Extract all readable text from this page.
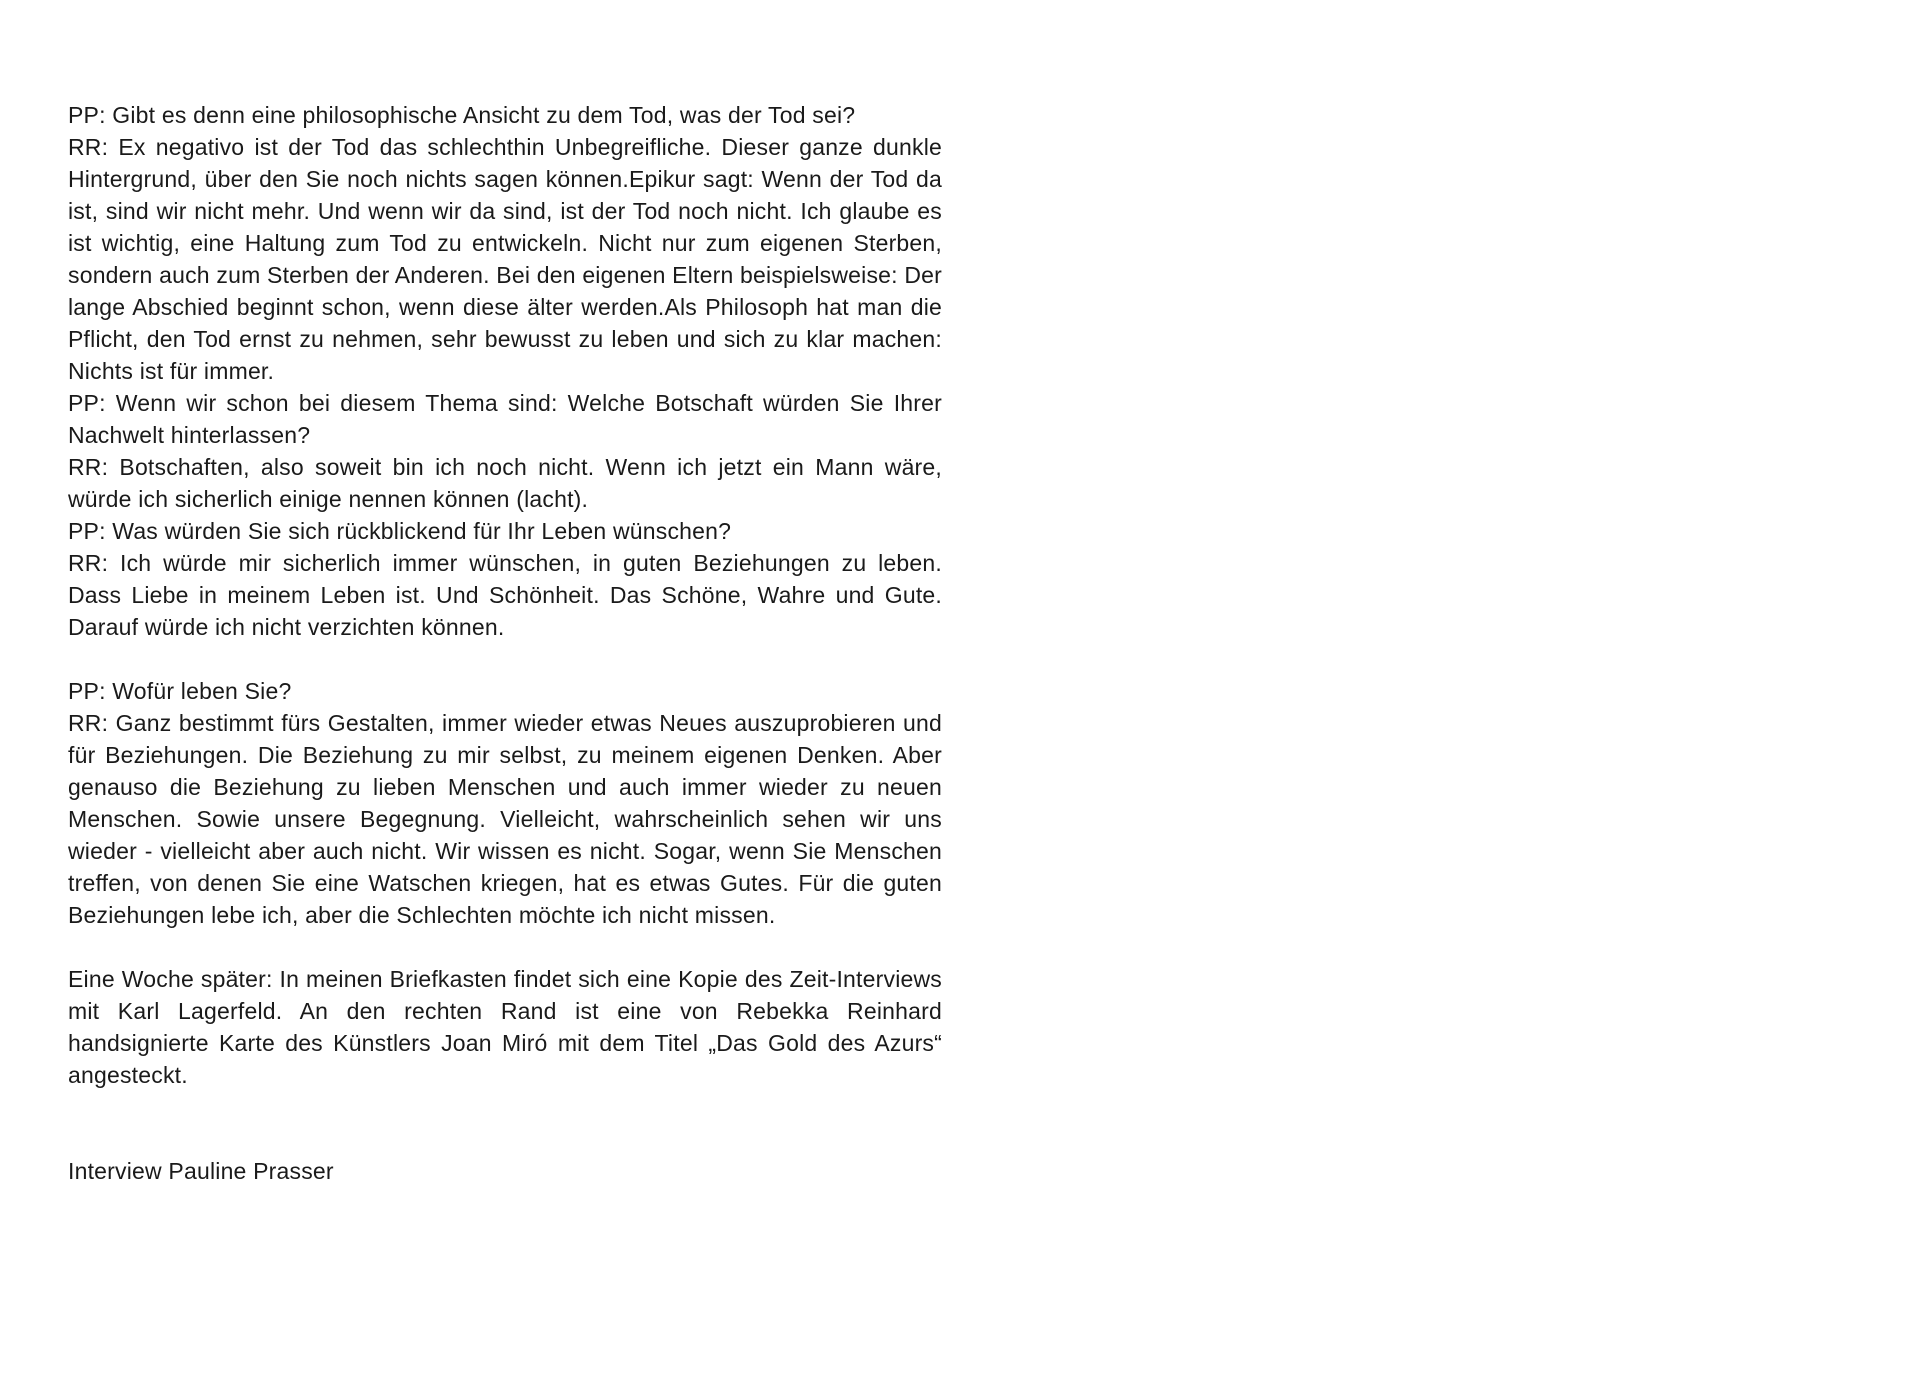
PP: Gibt es denn eine philosophische Ansicht zu dem Tod, was der Tod sei?

RR: Ex negativo ist der Tod das schlechthin Unbegreifliche. Dieser ganze dunkle Hintergrund, über den Sie noch nichts sagen können.Epikur sagt: Wenn der Tod da ist, sind wir nicht mehr. Und wenn wir da sind, ist der Tod noch nicht. Ich glaube es ist wichtig, eine Haltung zum Tod zu entwickeln. Nicht nur zum eigenen Sterben, sondern auch zum Sterben der Anderen. Bei den eigenen Eltern beispielsweise: Der lange Abschied beginnt schon, wenn diese älter werden.Als Philosoph hat man die Pflicht, den Tod ernst zu nehmen, sehr bewusst zu leben und sich zu klar machen: Nichts ist für immer.

PP: Wenn wir schon bei diesem Thema sind: Welche Botschaft würden Sie Ihrer Nachwelt hinterlassen?

RR: Botschaften, also soweit bin ich noch nicht. Wenn ich jetzt ein Mann wäre, würde ich sicherlich einige nennen können (lacht).

PP: Was würden Sie sich rückblickend für Ihr Leben wünschen?

RR: Ich würde mir sicherlich immer wünschen, in guten Beziehungen zu leben. Dass Liebe in meinem Leben ist. Und Schönheit. Das Schöne, Wahre und Gute. Darauf würde ich nicht verzichten können.

PP: Wofür leben Sie?

RR: Ganz bestimmt fürs Gestalten, immer wieder etwas Neues auszuprobieren und für Beziehungen. Die Beziehung zu mir selbst, zu meinem eigenen Denken. Aber genauso die Beziehung zu lieben Menschen und auch immer wieder zu neuen Menschen. Sowie unsere Begegnung. Vielleicht, wahrscheinlich sehen wir uns wieder - vielleicht aber auch nicht. Wir wissen es nicht. Sogar, wenn Sie Menschen treffen, von denen Sie eine Watschen kriegen, hat es etwas Gutes. Für die guten Beziehungen lebe ich, aber die Schlechten möchte ich nicht missen.

Eine Woche später: In meinen Briefkasten findet sich eine Kopie des Zeit-Interviews mit Karl Lagerfeld. An den rechten Rand ist eine von Rebekka Reinhard handsignierte Karte des Künstlers Joan Miró mit dem Titel „Das Gold des Azurs“ angesteckt.

Interview Pauline Prasser
